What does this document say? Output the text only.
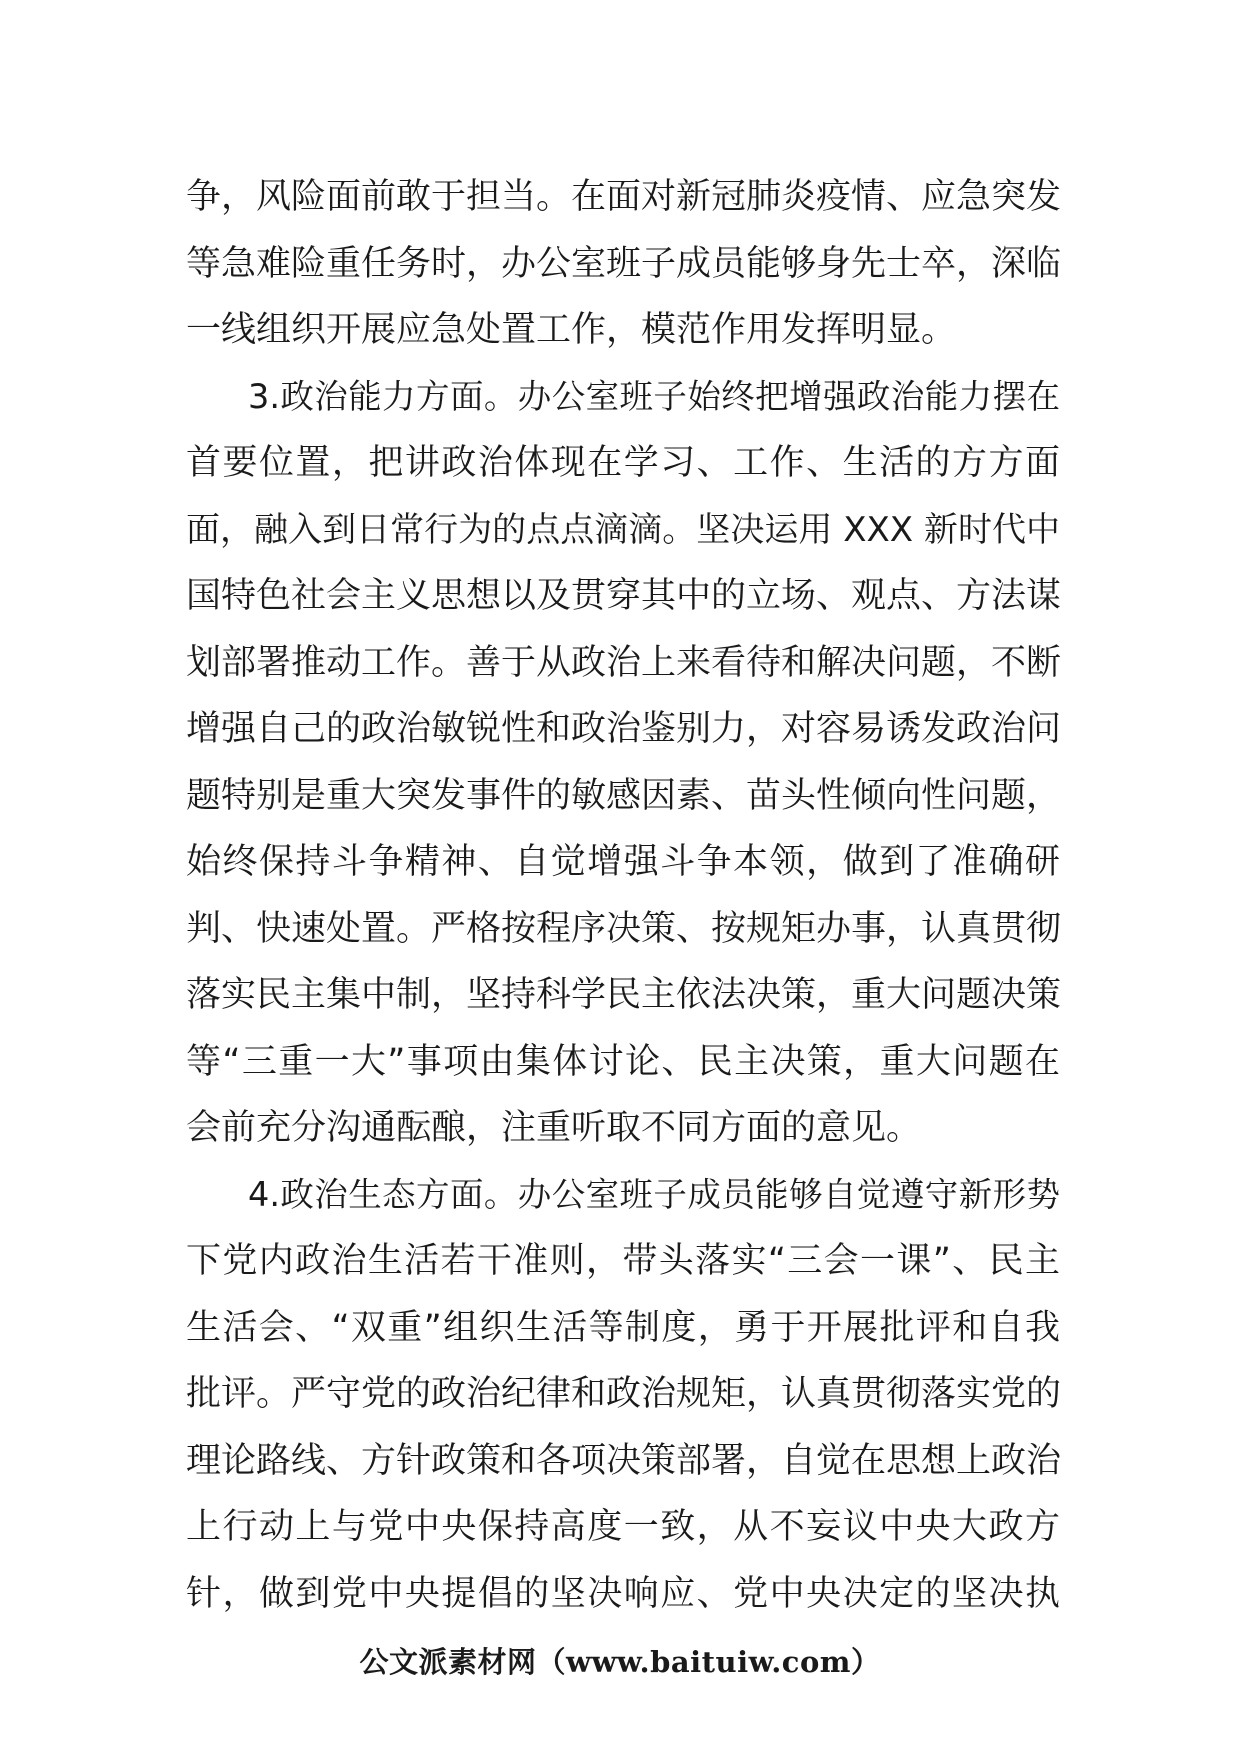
争，风险面前敢于担当。在面对新冠肺炎疫情、应急突发
等急难险重任务时，办公室班子成员能够身先士卒，深临
一线组织开展应急处置工作，模范作用发挥明显。
3.政治能力方面。办公室班子始终把增强政治能力摆在
首要位置，把讲政治体现在学习、工作、生活的方方面
面，融入到日常行为的点点滴滴。坚决运用 XXX 新时代中
国特色社会主义思想以及贯穿其中的立场、观点、方法谋
划部署推动工作。善于从政治上来看待和解决问题，不断
增强自己的政治敏锐性和政治鉴别力，对容易诱发政治问
题特别是重大突发事件的敏感因素、苗头性倾向性问题，
始终保持斗争精神、自觉增强斗争本领，做到了准确研
判、快速处置。严格按程序决策、按规矩办事，认真贯彻
落实民主集中制，坚持科学民主依法决策，重大问题决策
等“三重一大”事项由集体讨论、民主决策，重大问题在
会前充分沟通酝酿，注重听取不同方面的意见。
4.政治生态方面。办公室班子成员能够自觉遵守新形势
下党内政治生活若干准则，带头落实“三会一课”、民主
生活会、“双重”组织生活等制度，勇于开展批评和自我
批评。严守党的政治纪律和政治规矩，认真贯彻落实党的
理论路线、方针政策和各项决策部署，自觉在思想上政治
上行动上与党中央保持高度一致，从不妄议中央大政方
针，做到党中央提倡的坚决响应、党中央决定的坚决执
公文派素材网（www.baituiw.com）
